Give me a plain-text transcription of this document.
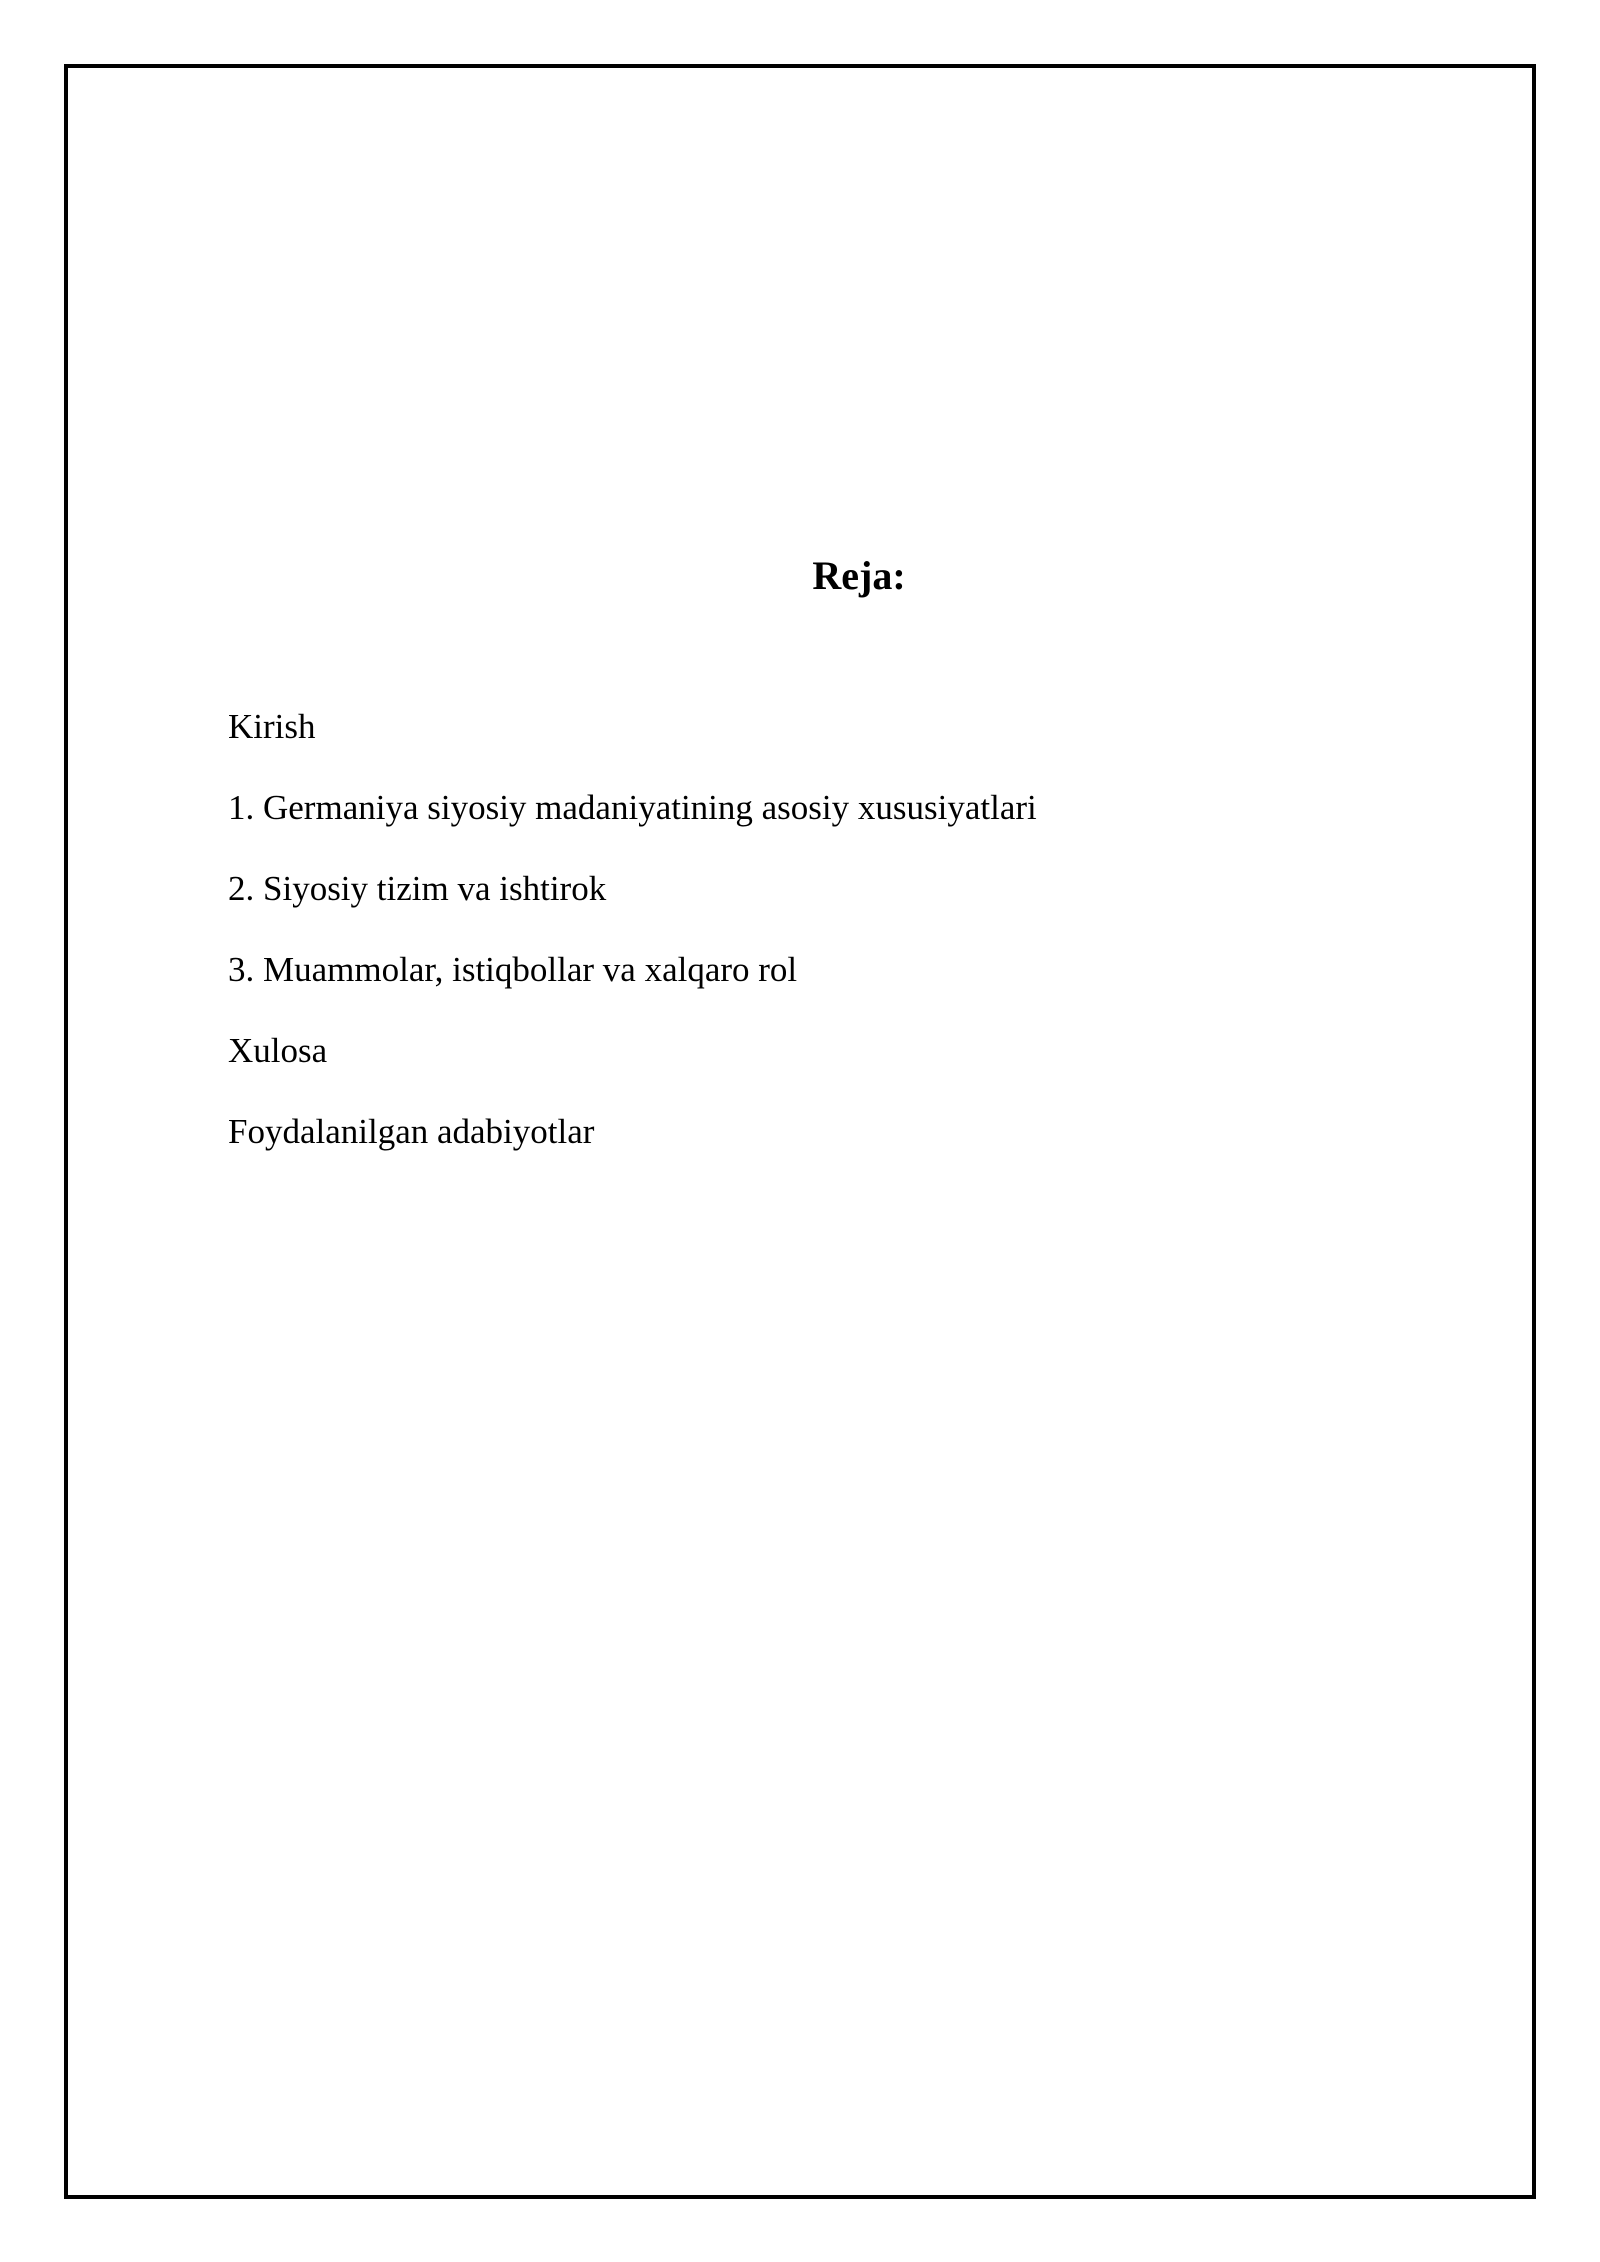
Reja:
Kirish
1. Germaniya siyosiy madaniyatining asosiy xususiyatlari
2. Siyosiy tizim va ishtirok
3. Muammolar, istiqbollar va xalqaro rol
Xulosa
Foydalanilgan adabiyotlar
